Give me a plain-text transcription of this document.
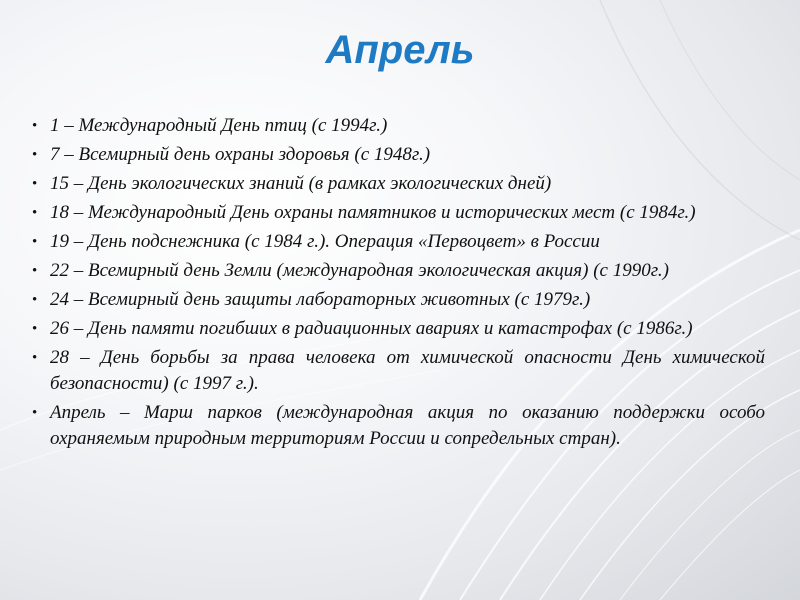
Апрель
• 1 – Международный День птиц (с 1994г.)
• 7 – Всемирный день охраны здоровья (с 1948г.)
• 15 – День экологических знаний (в рамках экологических дней)
• 18 – Международный День охраны памятников и исторических мест (с 1984г.)
• 19 – День подснежника (с 1984 г.). Операция «Первоцвет» в России
• 22 – Всемирный день Земли (международная экологическая акция) (с 1990г.)
• 24 – Всемирный день защиты лабораторных животных (с 1979г.)
• 26 – День памяти погибших в радиационных авариях и катастрофах (с 1986г.)
• 28 – День борьбы за права человека от химической опасности День химической безопасности) (с 1997 г.).
• Апрель – Марш парков (международная акция по оказанию поддержки особо охраняемым природным территориям России и сопредельных стран).
